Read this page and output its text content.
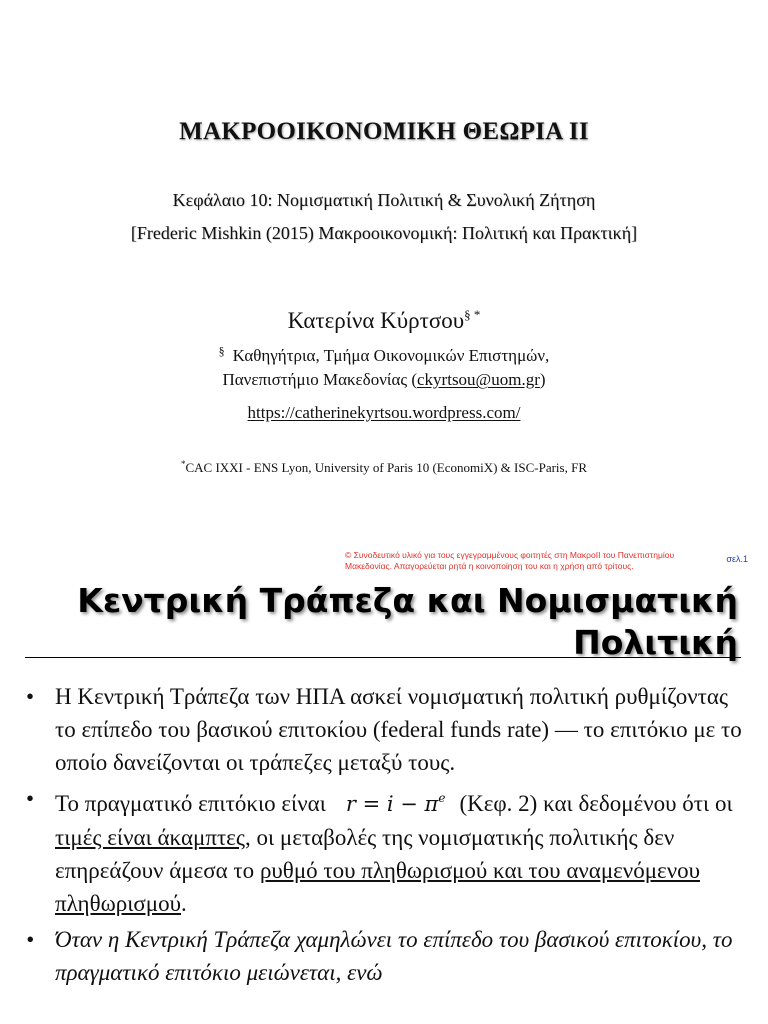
ΜΑΚΡΟΟΙΚΟΝΟΜΙΚΗ ΘΕΩΡΙΑ ΙΙ
Κεφάλαιο 10: Νομισματική Πολιτική & Συνολική Ζήτηση
[Frederic Mishkin (2015) Μακροοικονομική: Πολιτική και Πρακτική]
Κατερίνα Κύρτσου§ *
§ Καθηγήτρια, Τμήμα Οικονομικών Επιστημών,
Πανεπιστήμιο Μακεδονίας (ckyrtsou@uom.gr)
https://catherinekyrtsou.wordpress.com/
*CAC IXXI - ENS Lyon, University of Paris 10 (EconomiX) & ISC-Paris, FR
© Συνοδευτικό υλικό για τους εγγεγραμμένους φοιτητές στη ΜακροΙΙ του Πανεπιστημίου Μακεδονίας. Απαγορεύεται ρητά η κοινοποίηση του και η χρήση από τρίτους.
σελ.1
Κεντρική Τράπεζα και Νομισματική
Πολιτική
• Η Κεντρική Τράπεζα των ΗΠΑ ασκεί νομισματική πολιτική ρυθμίζοντας το επίπεδο του βασικού επιτοκίου (federal funds rate) — το επιτόκιο με το οποίο δανείζονται οι τράπεζες μεταξύ τους.
• Το πραγματικό επιτόκιο είναι $r = i - \pi^e$ (Κεφ. 2) και δεδομένου ότι οι τιμές είναι άκαμπτες, οι μεταβολές της νομισματικής πολιτικής δεν επηρεάζουν άμεσα το ρυθμό του πληθωρισμού και του αναμενόμενου πληθωρισμού.
• Όταν η Κεντρική Τράπεζα χαμηλώνει το επίπεδο του βασικού επιτοκίου, το πραγματικό επιτόκιο μειώνεται, ενώ
